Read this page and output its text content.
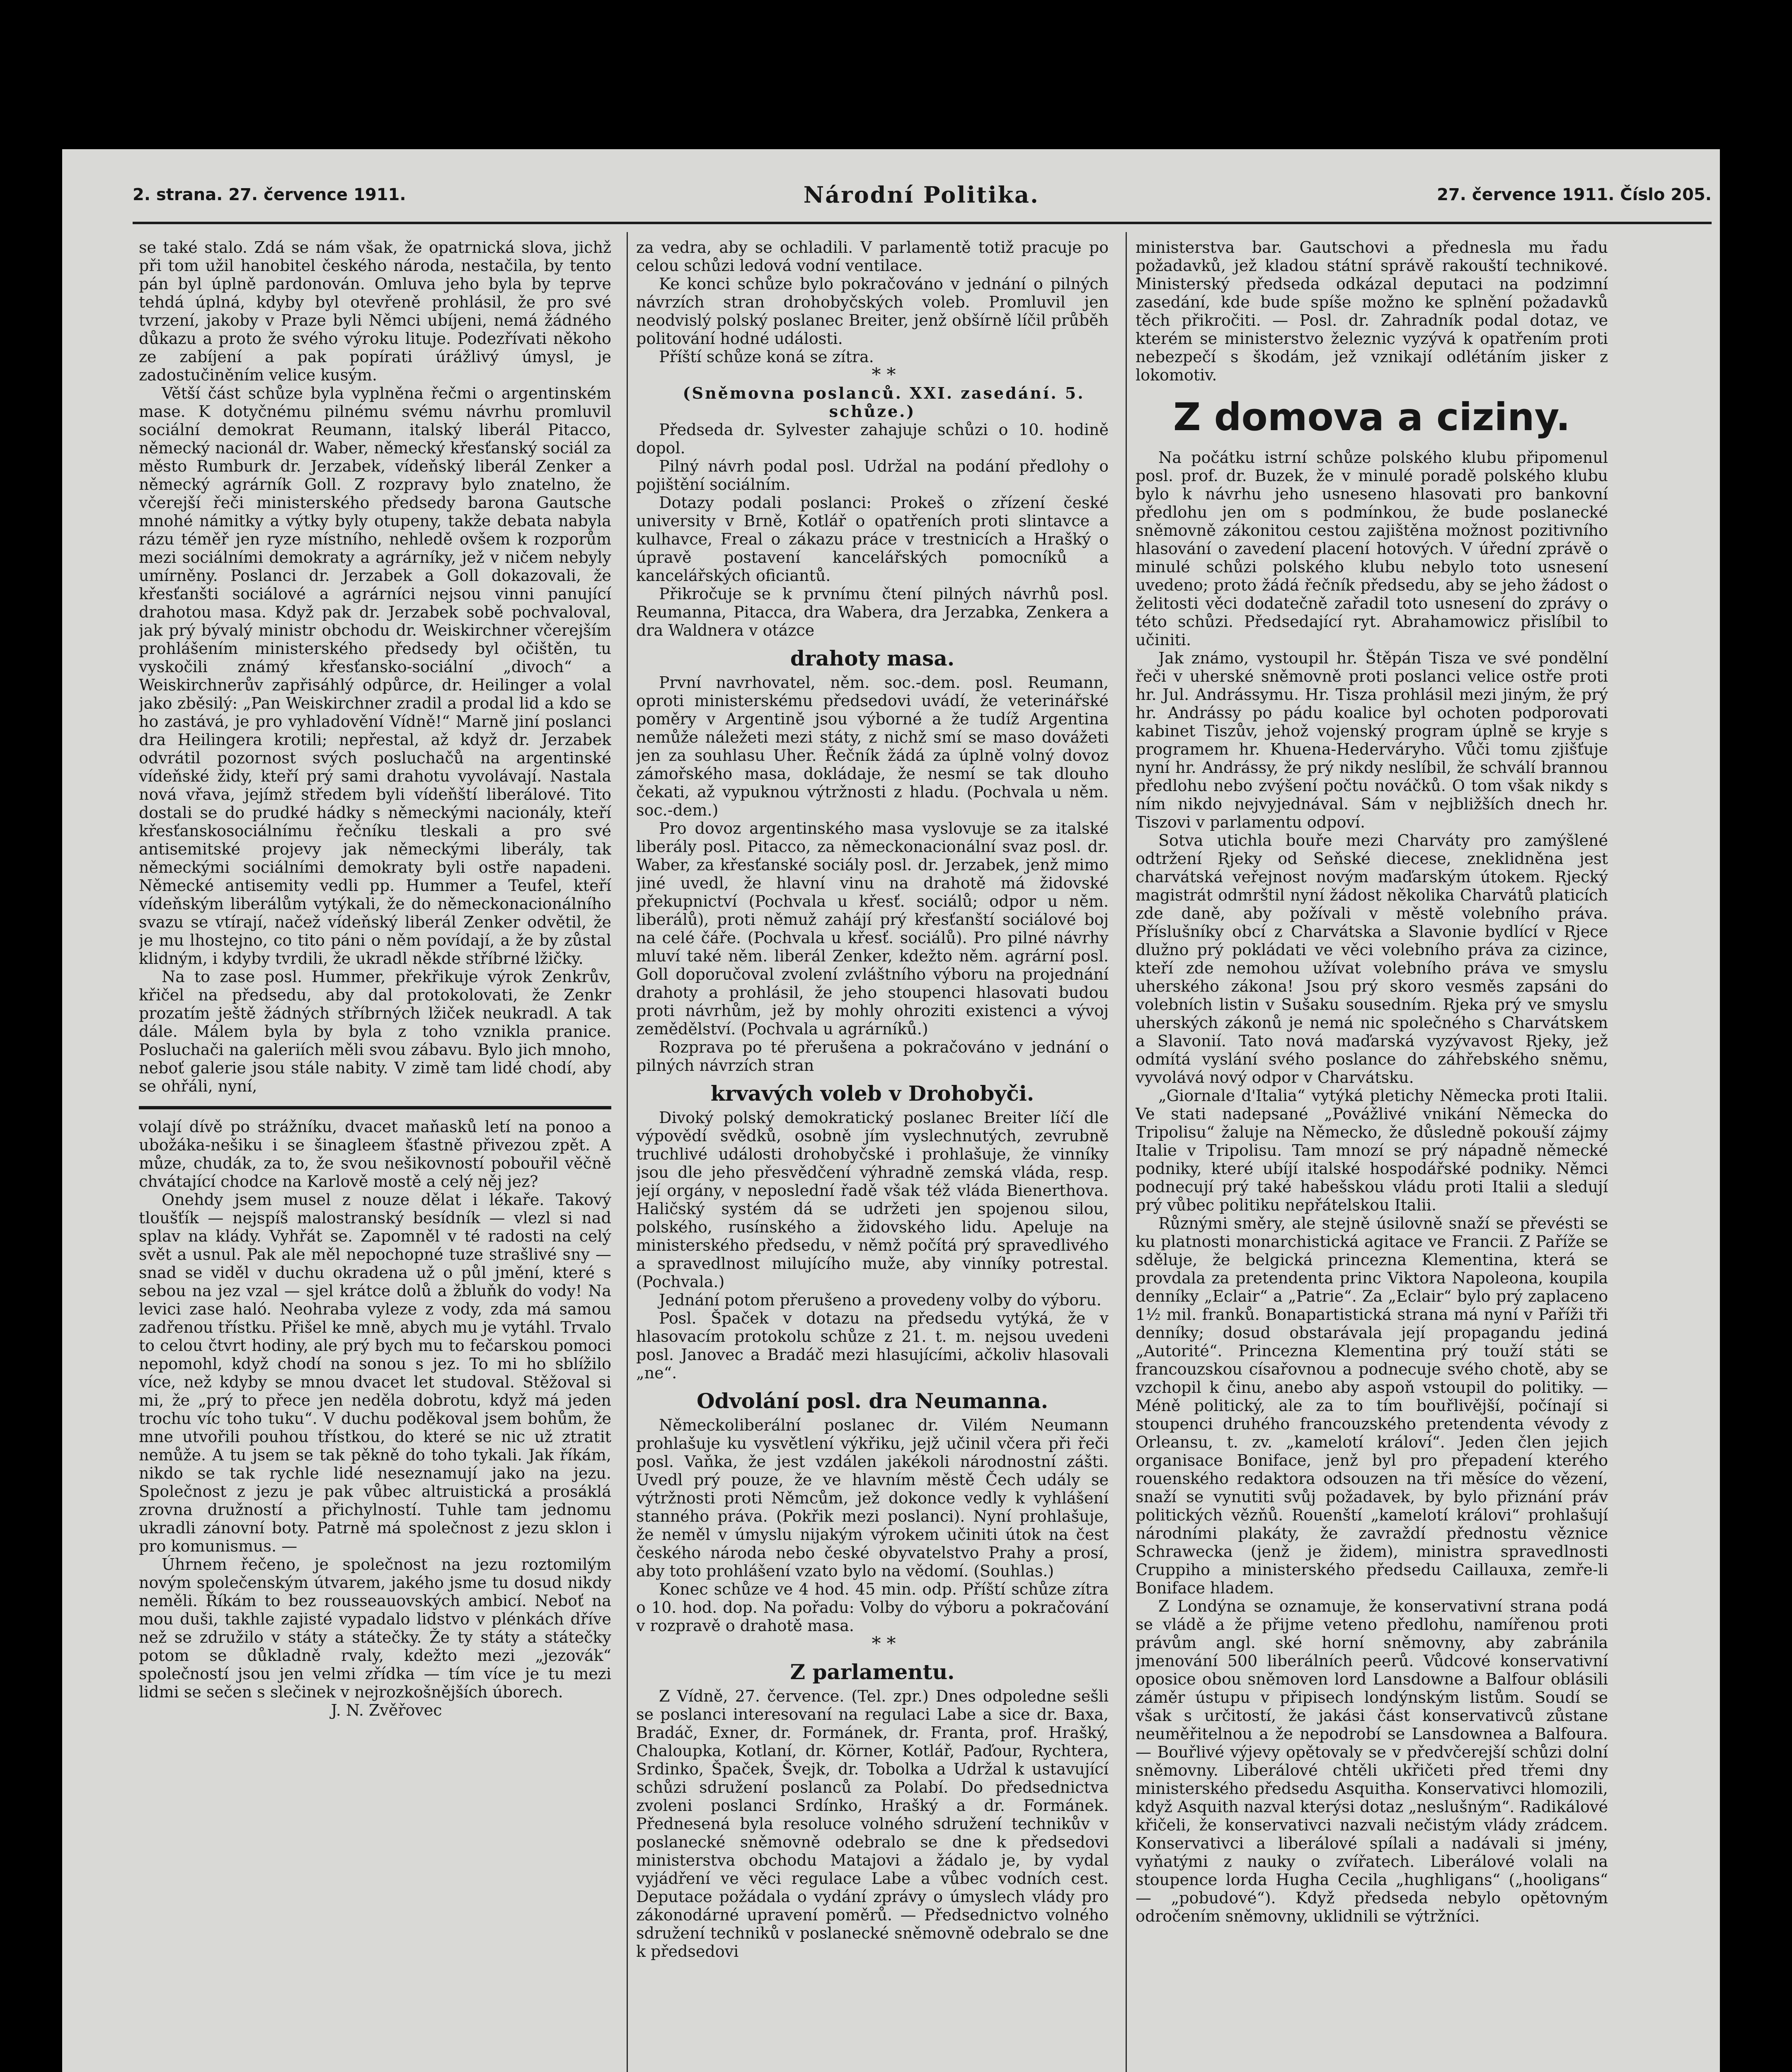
2. strana. 27. července 1911.	Národní Politika.	27. července 1911. Číslo 205.

se také stalo. Zdá se nám však, že opatrnická slova, jichž při tom užil hanobitel českého národa, nestačila, by tento pán byl úplně pardonován. Omluva jeho byla by teprve tehdá úplná, kdyby byl otevřeně prohlásil, že pro své tvrzení, jakoby v Praze byli Němci ubíjeni, nemá žádného důkazu a proto že svého výroku lituje. Podezřívati někoho ze zabíjení a pak popírati úrážlivý úmysl, je zadostučiněním velice kusým.

Větší část schůze byla vyplněna řečmi o argentinském mase. K dotyčnému pilnému svému návrhu promluvil sociální demokrat Reumann, italský liberál Pitacco, německý nacionál dr. Waber, německý křesťanský sociál za město Rumburk dr. Jerzabek, vídeňský liberál Zenker a německý agrárník Goll. Z rozpravy bylo znatelno, že včerejší řeči ministerského předsedy barona Gautsche mnohé námitky a výtky byly otupeny, takže debata nabyla rázu téměř jen ryze místního, nehledě ovšem k rozporům mezi sociálními demokraty a agrárníky, jež v ničem nebyly umírněny. Poslanci dr. Jerzabek a Goll dokazovali, že křesťanšti sociálové a agrárníci nejsou vinni panující drahotou masa. Když pak dr. Jerzabek sobě pochvaloval, jak prý bývalý ministr obchodu dr. Weiskirchner včerejším prohlášením ministerského předsedy byl očištěn, tu vyskočili známý křesťansko-sociální „divoch“ a Weiskirchnerův zapřisáhlý odpůrce, dr. Heilinger a volal jako zběsilý: „Pan Weiskirchner zradil a prodal lid a kdo se ho zastává, je pro vyhladovění Vídně!“ Marně jiní poslanci dra Heilingera krotili; nepřestal, až když dr. Jerzabek odvrátil pozornost svých posluchačů na argentinské vídeňské židy, kteří prý sami drahotu vyvolávají. Nastala nová vřava, jejímž středem byli vídeňští liberálové. Tito dostali se do prudké hádky s německými nacionály, kteří křesťanskosociálnímu řečníku tleskali a pro své antisemitské projevy jak německými liberály, tak německými sociálními demokraty byli ostře napadeni. Německé antisemity vedli pp. Hummer a Teufel, kteří vídeňským liberálům vytýkali, že do německonacionálního svazu se vtírají, načež vídeňský liberál Zenker odvětil, že je mu lhostejno, co tito páni o něm povídají, a že by zůstal klidným, i kdyby tvrdili, že ukradl někde stříbrné lžičky.

Na to zase posl. Hummer, překřikuje výrok Zenkrův, křičel na předsedu, aby dal protokolovati, že Zenkr prozatím ještě žádných stříbrných lžiček neukradl. A tak dále. Málem byla by byla z toho vznikla pranice. Posluchači na galeriích měli svou zábavu. Bylo jich mnoho, neboť galerie jsou stále nabity. V zimě tam lidé chodí, aby se ohřáli, nyní,

volají dívě po strážníku, dvacet maňasků letí na ponoo a ubožáka-nešiku i se šinagleem šťastně přivezou zpět. A můze, chudák, za to, že svou nešikovností pobouřil věčně chvátající chodce na Karlově mostě a celý něj jez?

Onehdy jsem musel z nouze dělat i lékaře. Takový tloušťík — nejspíš malostranský besídník — vlezl si nad splav na klády. Vyhřát se. Zapomněl v té radosti na celý svět a usnul. Pak ale měl nepochopné tuze strašlivé sny — snad se viděl v duchu okradena už o půl jmění, které s sebou na jez vzal — sjel krátce dolů a žbluňk do vody! Na levici zase haló. Neohraba vyleze z vody, zda má samou zadřenou třístku. Přišel ke mně, abych mu je vytáhl. Trvalo to celou čtvrt hodiny, ale prý bych mu to fečarskou pomoci nepomohl, když chodí na sonou s jez. To mi ho sblížilo více, než kdyby se mnou dvacet let studoval. Stěžoval si mi, že „prý to přece jen neděla dobrotu, když má jeden trochu víc toho tuku“. V duchu poděkoval jsem bohům, že mne utvořili pouhou třístkou, do které se nic už ztratit nemůže. A tu jsem se tak pěkně do toho tykali. Jak říkám, nikdo se tak rychle lidé neseznamují jako na jezu. Společnost z jezu je pak vůbec altruistická a prosáklá zrovna družností a přichylností. Tuhle tam jednomu ukradli zánovní boty. Patrně má společnost z jezu sklon i pro komunismus. —

Úhrnem řečeno, je společnost na jezu roztomilým novým společenským útvarem, jakého jsme tu dosud nikdy neměli. Říkám to bez rousseauovských ambicí. Neboť na mou duši, takhle zajisté vypadalo lidstvo v plénkách dříve než se združilo v státy a státečky. Že ty státy a státečky potom se důkladně rvaly, kdežto mezi „jezovák“ společností jsou jen velmi zřídka — tím více je tu mezi lidmi se sečen s slečinek v nejrozkošnějších úborech.

J. N. Zvěřovec

za vedra, aby se ochladili. V parlamentě totiž pracuje po celou schůzi ledová vodní ventilace.

Ke konci schůze bylo pokračováno v jednání o pilných návrzích stran drohobyčských voleb. Promluvil jen neodvislý polský poslanec Breiter, jenž obšírně líčil průběh politování hodné události.

Příští schůze koná se zítra.

* *

(Sněmovna poslanců. XXI. zasedání. 5. schůze.)

Předseda dr. Sylvester zahajuje schůzi o 10. hodině dopol.

Pilný návrh podal posl. Udržal na podání předlohy o pojištění sociálním.

Dotazy podali poslanci: Prokeš o zřízení české university v Brně, Kotlář o opatřeních proti slintavce a kulhavce, Freal o zákazu práce v trestnicích a Hrašký o úpravě postavení kancelářských pomocníků a kancelářských oficiantů.

Přikročuje se k prvnímu čtení pilných návrhů posl. Reumanna, Pitacca, dra Wabera, dra Jerzabka, Zenkera a dra Waldnera v otázce

drahoty masa.

První navrhovatel, něm. soc.-dem. posl. Reumann, oproti ministerskému předsedovi uvádí, že veterinářské poměry v Argentině jsou výborné a že tudíž Argentina nemůže náležeti mezi státy, z nichž smí se maso dovážeti jen za souhlasu Uher. Řečník žádá za úplně volný dovoz zámořského masa, dokládaje, že nesmí se tak dlouho čekati, až vypuknou výtržnosti z hladu. (Pochvala u něm. soc.-dem.)

Pro dovoz argentinského masa vyslovuje se za italské liberály posl. Pitacco, za německonacionální svaz posl. dr. Waber, za křesťanské sociály posl. dr. Jerzabek, jenž mimo jiné uvedl, že hlavní vinu na drahotě má židovské překupnictví (Pochvala u křesť. sociálů; odpor u něm. liberálů), proti němuž zahájí prý křesťanští sociálové boj na celé čáře. (Pochvala u křesť. sociálů). Pro pilné návrhy mluví také něm. liberál Zenker, kdežto něm. agrární posl. Goll doporučoval zvolení zvláštního výboru na projednání drahoty a prohlásil, že jeho stoupenci hlasovati budou proti návrhům, jež by mohly ohroziti existenci a vývoj zemědělství. (Pochvala u agrárníků.)

Rozprava po té přerušena a pokračováno v jednání o pilných návrzích stran

krvavých voleb v Drohobyči.

Divoký polský demokratický poslanec Breiter líčí dle výpovědí svědků, osobně jím vyslechnutých, zevrubně truchlivé události drohobyčské i prohlašuje, že vinníky jsou dle jeho přesvědčení výhradně zemská vláda, resp. její orgány, v neposlední řadě však též vláda Bienerthova. Haličský systém dá se udržeti jen spojenou silou, polského, rusínského a židovského lidu. Apeluje na ministerského předsedu, v němž počítá prý spravedlivého a spravedlnost milujícího muže, aby vinníky potrestal. (Pochvala.)

Jednání potom přerušeno a provedeny volby do výboru.

Posl. Špaček v dotazu na předsedu vytýká, že v hlasovacím protokolu schůze z 21. t. m. nejsou uvedeni posl. Janovec a Bradáč mezi hlasujícími, ačkoliv hlasovali „ne“.

Odvolání posl. dra Neumanna.

Německoliberální poslanec dr. Vilém Neumann prohlašuje ku vysvětlení výkřiku, jejž učinil včera při řeči posl. Vaňka, že jest vzdálen jakékoli národnostní zášti. Uvedl prý pouze, že ve hlavním městě Čech udály se výtržnosti proti Němcům, jež dokonce vedly k vyhlášení stanného práva. (Pokřik mezi poslanci). Nyní prohlašuje, že neměl v úmyslu nijakým výrokem učiniti útok na čest českého národa nebo české obyvatelstvo Prahy a prosí, aby toto prohlášení vzato bylo na vědomí. (Souhlas.)

Konec schůze ve 4 hod. 45 min. odp. Příští schůze zítra o 10. hod. dop. Na pořadu: Volby do výboru a pokračování v rozpravě o drahotě masa.

* *

Z parlamentu.

Z Vídně, 27. července. (Tel. zpr.) Dnes odpoledne sešli se poslanci interesovaní na regulaci Labe a sice dr. Baxa, Bradáč, Exner, dr. Formánek, dr. Franta, prof. Hrašký, Chaloupka, Kotlaní, dr. Körner, Kotlář, Paďour, Rychtera, Srdinko, Špaček, Švejk, dr. Tobolka a Udržal k ustavující schůzi sdružení poslanců za Polabí. Do předsednictva zvoleni poslanci Srdínko, Hrašký a dr. Formánek. Přednesená byla resoluce volného sdružení technikův v poslanecké sněmovně odebralo se dne k předsedovi ministerstva obchodu Matajovi a žádalo je, by vydal vyjádření ve věci regulace Labe a vůbec vodních cest. Deputace požádala o vydání zprávy o úmyslech vlády pro zákonodárné upravení poměrů. — Předsednictvo volného sdružení techniků v poslanecké sněmovně odebralo se dne k předsedovi

ministerstva bar. Gautschovi a přednesla mu řadu požadavků, jež kladou státní správě rakouští technikové. Ministerský předseda odkázal deputaci na podzimní zasedání, kde bude spíše možno ke splnění požadavků těch přikročiti. — Posl. dr. Zahradník podal dotaz, ve kterém se ministerstvo železnic vyzývá k opatřením proti nebezpečí s škodám, jež vznikají odlétáním jisker z lokomotiv.

Z domova a ciziny.

Na počátku istrní schůze polského klubu připomenul posl. prof. dr. Buzek, že v minulé poradě polského klubu bylo k návrhu jeho usneseno hlasovati pro bankovní předlohu jen om s podmínkou, že bude poslanecké sněmovně zákonitou cestou zajištěna možnost pozitivního hlasování o zavedení placení hotových. V úřední zprávě o minulé schůzi polského klubu nebylo toto usnesení uvedeno; proto žádá řečník předsedu, aby se jeho žádost o želitosti věci dodatečně zařadil toto usnesení do zprávy o této schůzi. Předsedající ryt. Abrahamowicz přislíbil to učiniti.

Jak známo, vystoupil hr. Štěpán Tisza ve své pondělní řeči v uherské sněmovně proti poslanci velice ostře proti hr. Jul. Andrássymu. Hr. Tisza prohlásil mezi jiným, že prý hr. Andrássy po pádu koalice byl ochoten podporovati kabinet Tiszův, jehož vojenský program úplně se kryje s programem hr. Khuena-Hederváryho. Vůči tomu zjišťuje nyní hr. Andrássy, že prý nikdy neslíbil, že schválí brannou předlohu nebo zvýšení počtu nováčků. O tom však nikdy s ním nikdo nejvyjednával. Sám v nejbližších dnech hr. Tiszovi v parlamentu odpoví.

Sotva utichla bouře mezi Charváty pro zamýšlené odtržení Rjeky od Seňské diecese, zneklidněna jest charvátská veřejnost novým maďarským útokem. Rjecký magistrát odmrštil nyní žádost několika Charvátů platicích zde daně, aby požívali v městě volebního práva. Příslušníky obcí z Charvátska a Slavonie bydlící v Rjece dlužno prý pokládati ve věci volebního práva za cizince, kteří zde nemohou užívat volebního práva ve smyslu uherského zákona! Jsou prý skoro vesměs zapsáni do volebních listin v Sušaku sousedním. Rjeka prý ve smyslu uherských zákonů je nemá nic společného s Charvátskem a Slavonií. Tato nová maďarská vyzývavost Rjeky, jež odmítá vyslání svého poslance do záhřebského sněmu, vyvolává nový odpor v Charvátsku.

„Giornale d'Italia“ vytýká pletichy Německa proti Italii. Ve stati nadepsané „Povážlivé vnikání Německa do Tripolisu“ žaluje na Německo, že důsledně pokouší zájmy Italie v Tripolisu. Tam mnozí se prý nápadně německé podniky, které ubíjí italské hospodářské podniky. Němci podnecují prý také habešskou vládu proti Italii a sledují prý vůbec politiku nepřátelskou Italii.

Různými směry, ale stejně úsilovně snaží se převésti se ku platnosti monarchistická agitace ve Francii. Z Paříže se sděluje, že belgická princezna Klementina, která se provdala za pretendenta princ Viktora Napoleona, koupila denníky „Eclair“ a „Patrie“. Za „Eclair“ bylo prý zaplaceno 1½ mil. franků. Bonapartistická strana má nyní v Paříži tři denníky; dosud obstarávala její propagandu jediná „Autorité“. Princezna Klementina prý touží státi se francouzskou císařovnou a podnecuje svého chotě, aby se vzchopil k činu, anebo aby aspoň vstoupil do politiky. — Méně politický, ale za to tím bouřlivější, počínají si stoupenci druhého francouzského pretendenta vévody z Orleansu, t. zv. „kamelotí královí“. Jeden člen jejich organisace Boniface, jenž byl pro přepadení kterého rouenského redaktora odsouzen na tři měsíce do vězení, snaží se vynutiti svůj požadavek, by bylo přiznání práv politických vězňů. Rouenští „kamelotí královi“ prohlašují národními plakáty, že zavraždí přednostu věznice Schrawecka (jenž je židem), ministra spravedlnosti Cruppiho a ministerského předsedu Caillauxa, zemře-li Boniface hladem.

Z Londýna se oznamuje, že konservativní strana podá se vládě a že přijme veteno předlohu, namířenou proti právům angl. ské horní sněmovny, aby zabránila jmenování 500 liberálních peerů. Vůdcové konservativní oposice obou sněmoven lord Lansdowne a Balfour oblásili záměr ústupu v připisech londýnským listům. Soudí se však s určitostí, že jakási část konservativců zůstane neuměřitelnou a že nepodrobí se Lansdownea a Balfoura. — Bouřlivé výjevy opětovaly se v předvčerejší schůzi dolní sněmovny. Liberálové chtěli ukřičeti před třemi dny ministerského předsedu Asquitha. Konservativci hlomozili, když Asquith nazval kterýsi dotaz „neslušným“. Radikálové křičeli, že konservativci nazvali nečistým vlády zrádcem. Konservativci a liberálové spílali a nadávali si jmény, vyňatými z nauky o zvířatech. Liberálové volali na stoupence lorda Hugha Cecila „hughligans“ („hooligans“ — „pobudové“). Když předseda nebylo opětovným odročením sněmovny, uklidnili se výtržníci.
